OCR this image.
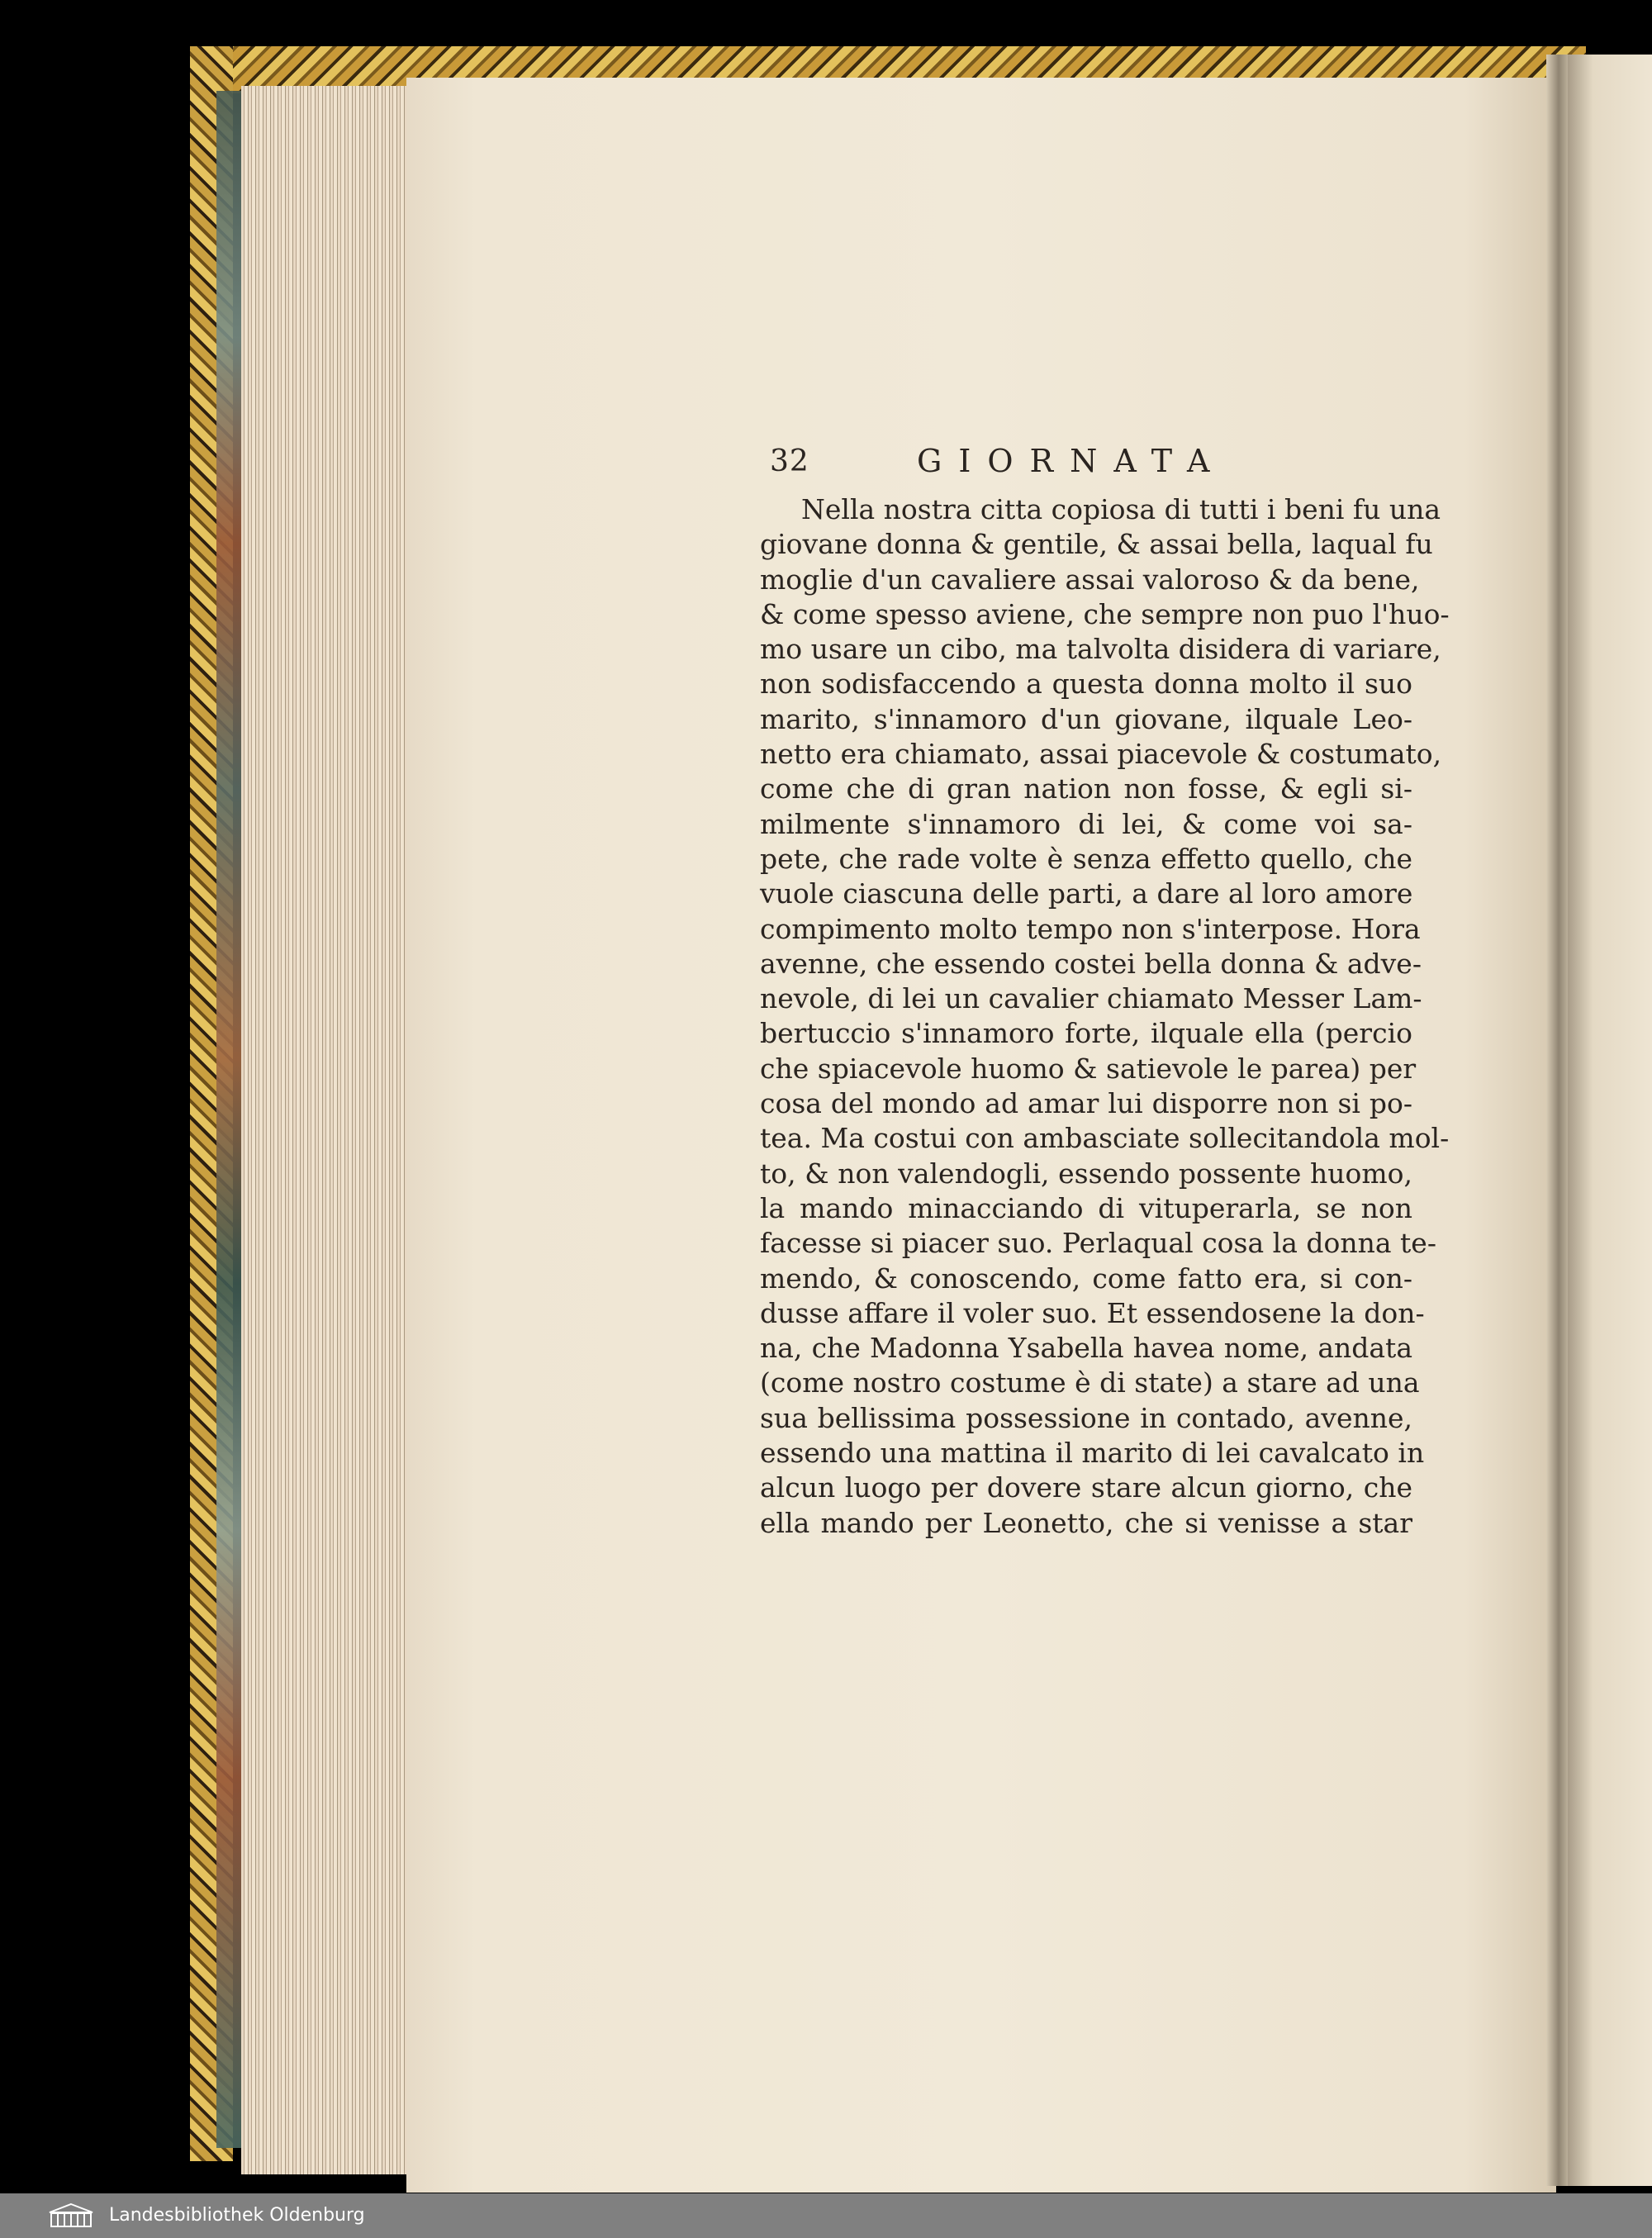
32	GIORNATA
Nella nostra citta copiosa di tutti i beni fu una
giovane donna & gentile, & assai bella, laqual fu
moglie d'un cavaliere assai valoroso & da bene,
& come spesso aviene, che sempre non puo l'huo-
mo usare un cibo, ma talvolta disidera di variare,
non sodisfaccendo a questa donna molto il suo
marito, s'innamoro d'un giovane, ilquale Leo-
netto era chiamato, assai piacevole & costumato,
come che di gran nation non fosse, & egli si-
milmente s'innamoro di lei, & come voi sa-
pete, che rade volte è senza effetto quello, che
vuole ciascuna delle parti, a dare al loro amore
compimento molto tempo non s'interpose. Hora
avenne, che essendo costei bella donna & adve-
nevole, di lei un cavalier chiamato Messer Lam-
bertuccio s'innamoro forte, ilquale ella (percio
che spiacevole huomo & satievole le parea) per
cosa del mondo ad amar lui disporre non si po-
tea. Ma costui con ambasciate sollecitandola mol-
to, & non valendogli, essendo possente huomo,
la mando minacciando di vituperarla, se non
facesse si piacer suo. Perlaqual cosa la donna te-
mendo, & conoscendo, come fatto era, si con-
dusse affare il voler suo. Et essendosene la don-
na, che Madonna Ysabella havea nome, andata
(come nostro costume è di state) a stare ad una
sua bellissima possessione in contado, avenne,
essendo una mattina il marito di lei cavalcato in
alcun luogo per dovere stare alcun giorno, che
ella mando per Leonetto, che si venisse a star
Landesbibliothek Oldenburg
